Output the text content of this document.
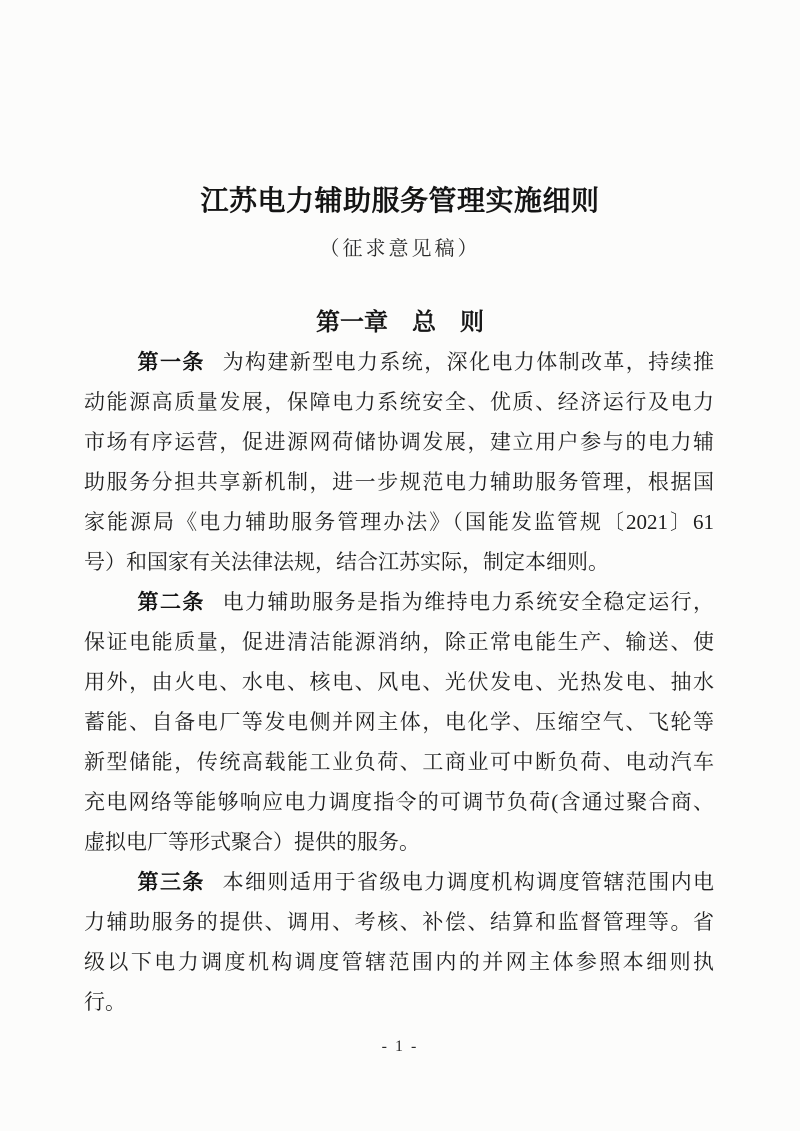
江苏电力辅助服务管理实施细则
（征求意见稿）
第一章　总　则
第一条 为构建新型电力系统，深化电力体制改革，持续推
动能源高质量发展，保障电力系统安全、优质、经济运行及电力
市场有序运营，促进源网荷储协调发展，建立用户参与的电力辅
助服务分担共享新机制，进一步规范电力辅助服务管理，根据国
家能源局《电力辅助服务管理办法》（国能发监管规〔2021〕61
号）和国家有关法律法规，结合江苏实际，制定本细则。
第二条 电力辅助服务是指为维持电力系统安全稳定运行，
保证电能质量，促进清洁能源消纳，除正常电能生产、输送、使
用外，由火电、水电、核电、风电、光伏发电、光热发电、抽水
蓄能、自备电厂等发电侧并网主体，电化学、压缩空气、飞轮等
新型储能，传统高载能工业负荷、工商业可中断负荷、电动汽车
充电网络等能够响应电力调度指令的可调节负荷(含通过聚合商、
虚拟电厂等形式聚合）提供的服务。
第三条 本细则适用于省级电力调度机构调度管辖范围内电
力辅助服务的提供、调用、考核、补偿、结算和监督管理等。省
级以下电力调度机构调度管辖范围内的并网主体参照本细则执
行。
- 1 -
